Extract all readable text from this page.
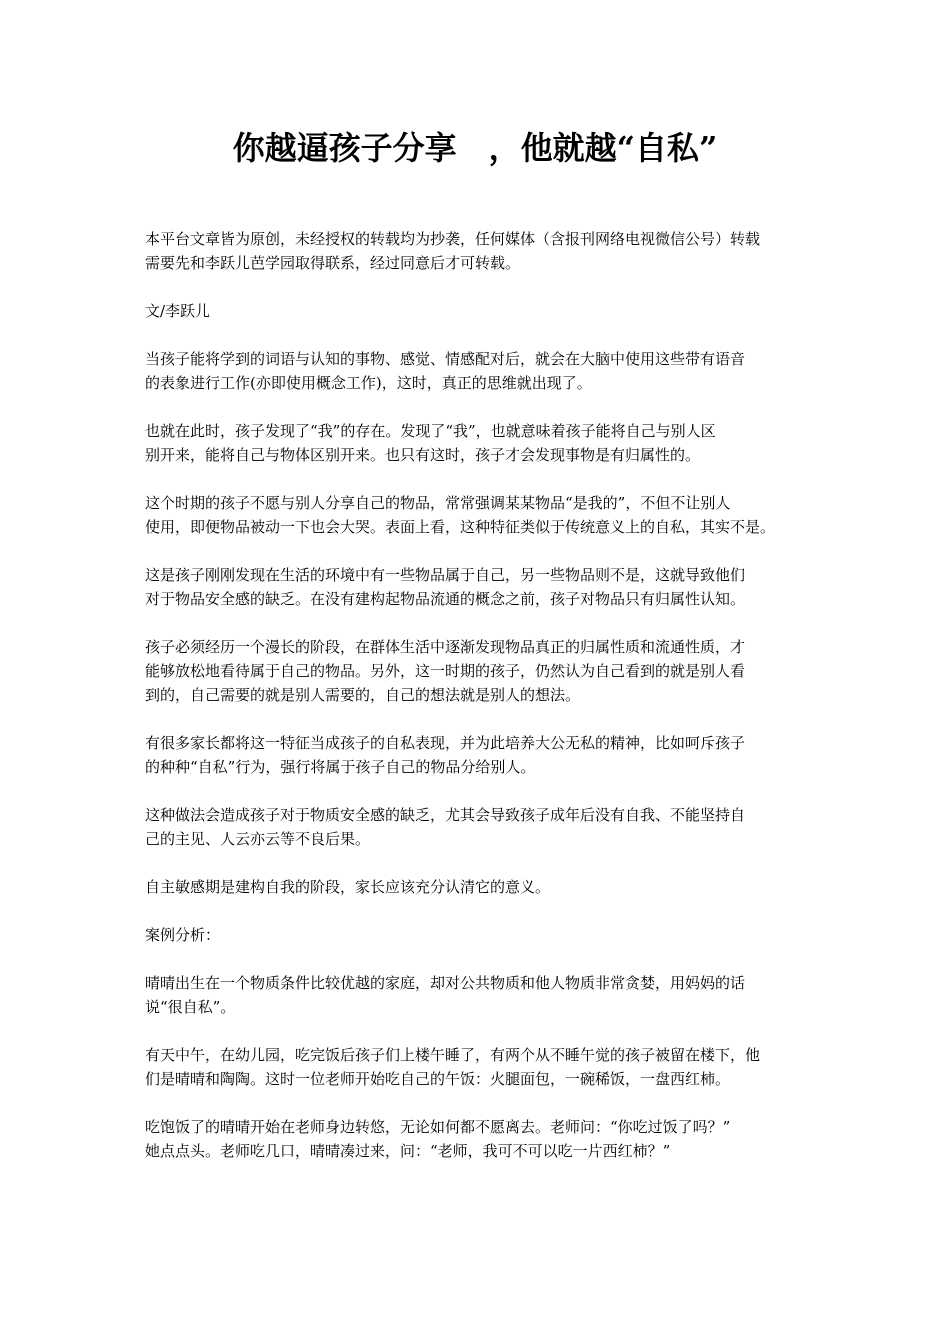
你越逼孩子分享　，他就越“自私”

本平台文章皆为原创，未经授权的转载均为抄袭，任何媒体（含报刊网络电视微信公号）转载
需要先和李跃儿芭学园取得联系，经过同意后才可转载。

文/李跃儿

当孩子能将学到的词语与认知的事物、感觉、情感配对后，就会在大脑中使用这些带有语音
的表象进行工作(亦即使用概念工作)，这时，真正的思维就出现了。

也就在此时，孩子发现了“我”的存在。发现了“我”，也就意味着孩子能将自己与别人区
别开来，能将自己与物体区别开来。也只有这时，孩子才会发现事物是有归属性的。

这个时期的孩子不愿与别人分享自己的物品，常常强调某某物品“是我的”，不但不让别人
使用，即便物品被动一下也会大哭。表面上看，这种特征类似于传统意义上的自私，其实不是。

这是孩子刚刚发现在生活的环境中有一些物品属于自己，另一些物品则不是，这就导致他们
对于物品安全感的缺乏。在没有建构起物品流通的概念之前，孩子对物品只有归属性认知。

孩子必须经历一个漫长的阶段，在群体生活中逐渐发现物品真正的归属性质和流通性质，才
能够放松地看待属于自己的物品。另外，这一时期的孩子，仍然认为自己看到的就是别人看
到的，自己需要的就是别人需要的，自己的想法就是别人的想法。

有很多家长都将这一特征当成孩子的自私表现，并为此培养大公无私的精神，比如呵斥孩子
的种种“自私”行为，强行将属于孩子自己的物品分给别人。

这种做法会造成孩子对于物质安全感的缺乏，尤其会导致孩子成年后没有自我、不能坚持自
己的主见、人云亦云等不良后果。

自主敏感期是建构自我的阶段，家长应该充分认清它的意义。

案例分析：

晴晴出生在一个物质条件比较优越的家庭，却对公共物质和他人物质非常贪婪，用妈妈的话
说“很自私”。

有天中午，在幼儿园，吃完饭后孩子们上楼午睡了，有两个从不睡午觉的孩子被留在楼下，他
们是晴晴和陶陶。这时一位老师开始吃自己的午饭：火腿面包，一碗稀饭，一盘西红柿。

吃饱饭了的晴晴开始在老师身边转悠，无论如何都不愿离去。老师问：“你吃过饭了吗？”
她点点头。老师吃几口，晴晴凑过来，问：“老师，我可不可以吃一片西红柿？”
